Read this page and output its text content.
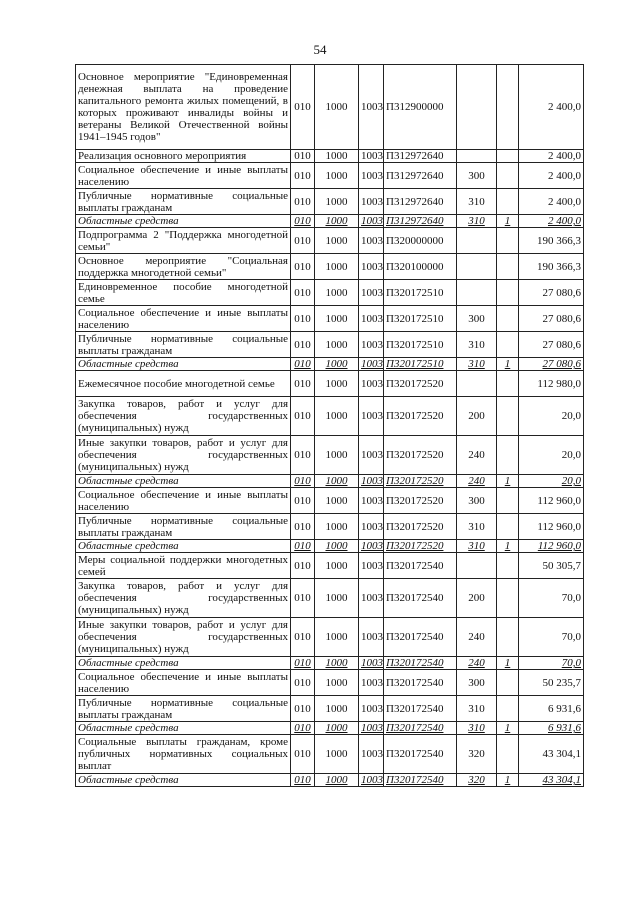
54
Основное мероприятие "Единовременная денежная выплата на проведение капитального ремонта жилых помещений, в которых проживают инвалиды войны и ветераны Великой Отечественной войны 1941–1945 годов"	010	1000	1003	П312900000			2 400,0
Реализация основного мероприятия	010	1000	1003	П312972640			2 400,0
Социальное обеспечение и иные выплаты населению	010	1000	1003	П312972640	300		2 400,0
Публичные нормативные социальные выплаты гражданам	010	1000	1003	П312972640	310		2 400,0
Областные средства	010	1000	1003	П312972640	310	1	2 400,0
Подпрограмма 2 "Поддержка многодетной семьи"	010	1000	1003	П320000000			190 366,3
Основное мероприятие "Социальная поддержка многодетной семьи"	010	1000	1003	П320100000			190 366,3
Единовременное пособие многодетной семье	010	1000	1003	П320172510			27 080,6
Социальное обеспечение и иные выплаты населению	010	1000	1003	П320172510	300		27 080,6
Публичные нормативные социальные выплаты гражданам	010	1000	1003	П320172510	310		27 080,6
Областные средства	010	1000	1003	П320172510	310	1	27 080,6
Ежемесячное пособие многодетной семье	010	1000	1003	П320172520			112 980,0
Закупка товаров, работ и услуг для обеспечения государственных (муниципальных) нужд	010	1000	1003	П320172520	200		20,0
Иные закупки товаров, работ и услуг для обеспечения государственных (муниципальных) нужд	010	1000	1003	П320172520	240		20,0
Областные средства	010	1000	1003	П320172520	240	1	20,0
Социальное обеспечение и иные выплаты населению	010	1000	1003	П320172520	300		112 960,0
Публичные нормативные социальные выплаты гражданам	010	1000	1003	П320172520	310		112 960,0
Областные средства	010	1000	1003	П320172520	310	1	112 960,0
Меры социальной поддержки многодетных семей	010	1000	1003	П320172540			50 305,7
Закупка товаров, работ и услуг для обеспечения государственных (муниципальных) нужд	010	1000	1003	П320172540	200		70,0
Иные закупки товаров, работ и услуг для обеспечения государственных (муниципальных) нужд	010	1000	1003	П320172540	240		70,0
Областные средства	010	1000	1003	П320172540	240	1	70,0
Социальное обеспечение и иные выплаты населению	010	1000	1003	П320172540	300		50 235,7
Публичные нормативные социальные выплаты гражданам	010	1000	1003	П320172540	310		6 931,6
Областные средства	010	1000	1003	П320172540	310	1	6 931,6
Социальные выплаты гражданам, кроме публичных нормативных социальных выплат	010	1000	1003	П320172540	320		43 304,1
Областные средства	010	1000	1003	П320172540	320	1	43 304,1
